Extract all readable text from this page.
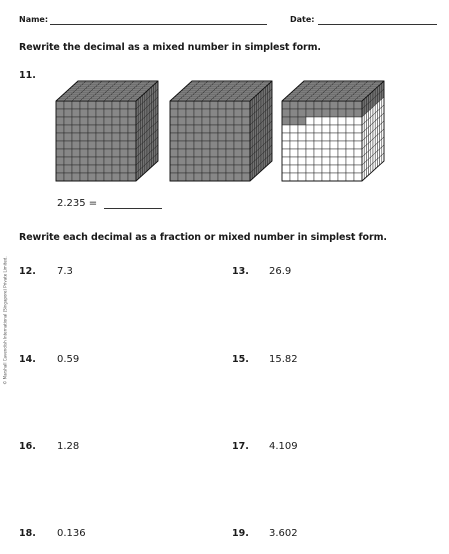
Name:	Date:
Rewrite the decimal as a mixed number in simplest form.
11.
2.235 =
Rewrite each decimal as a fraction or mixed number in simplest form.
12. 7.3	13. 26.9
14. 0.59	15. 15.82
16. 1.28	17. 4.109
18. 0.136	19. 3.602
© Marshall Cavendish International (Singapore) Private Limited.
